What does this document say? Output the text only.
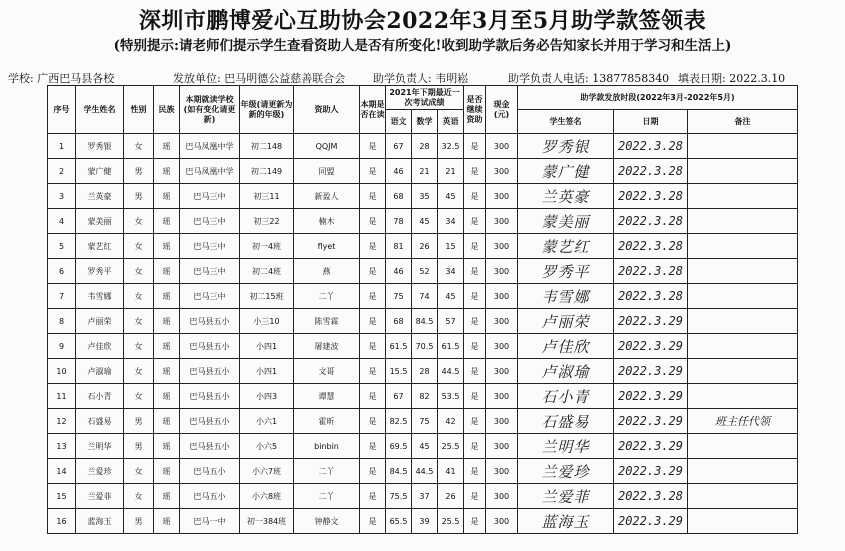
深圳市鹏博爱心互助协会2022年3月至5月助学款签领表
(特别提示:请老师们提示学生查看资助人是否有所变化!收到助学款后务必告知家长并用于学习和生活上)
学校: 广西巴马县各校	发放单位: 巴马明德公益慈善联合会	助学负责人: 韦明崧	助学负责人电话: 13877858340 填表日期: 2022.3.10
序号	学生姓名	性别	民族	本期就读学校(如有变化请更新)	年级(请更新为新的年级)	资助人	本期是否在读	2021年下期最近一次考试成绩			是否继续资助	现金(元)	助学款发放时段(2022年3月-2022年5月)		
								语文	数学	英语			学生签名	日期	备注
1	罗秀银	女	瑶	巴马凤凰中学	初二148	QQJM	是	67	28	32.5	是	300	罗秀银	2022.3.28	
2	蒙广健	男	瑶	巴马凤凰中学	初二149	同盟	是	46	21	21	是	300	蒙广健	2022.3.28	
3	兰英豪	男	瑶	巴马三中	初三11	新盈人	是	68	35	45	是	300	兰英豪	2022.3.28	
4	蒙美丽	女	瑶	巴马三中	初三22	楠木	是	78	45	34	是	300	蒙美丽	2022.3.28	
5	蒙艺红	女	瑶	巴马三中	初一4班	flyet	是	81	26	15	是	300	蒙艺红	2022.3.28	
6	罗秀平	女	瑶	巴马三中	初二4班	燕	是	46	52	34	是	300	罗秀平	2022.3.28	
7	韦雪娜	女	瑶	巴马三中	初二15班	二丫	是	75	74	45	是	300	韦雪娜	2022.3.28	
8	卢丽荣	女	瑶	巴马县五小	小三10	陈雪霖	是	68	84.5	57	是	300	卢丽荣	2022.3.29	
9	卢佳欣	女	瑶	巴马县五小	小四1	屠建波	是	61.5	70.5	61.5	是	300	卢佳欣	2022.3.29	
10	卢淑瑜	女	瑶	巴马县五小	小四1	文哥	是	15.5	28	44.5	是	300	卢淑瑜	2022.3.29	
11	石小青	女	瑶	巴马县五小	小四3	谭慧	是	67	82	53.5	是	300	石小青	2022.3.29	
12	石盛易	男	瑶	巴马县五小	小六1	霍昕	是	82.5	75	42	是	300	石盛易	2022.3.29	班主任代领
13	兰明华	男	瑶	巴马县五小	小六5	binbin	是	69.5	45	25.5	是	300	兰明华	2022.3.29	
14	兰爱珍	女	瑶	巴马五小	小六7班	二丫	是	84.5	44.5	41	是	300	兰爱珍	2022.3.29	
15	兰爱菲	女	瑶	巴马五小	小六8班	二丫	是	75.5	37	26	是	300	兰爱菲	2022.3.28	
16	蓝海玉	男	瑶	巴马一中	初一384班	钟静文	是	65.5	39	25.5	是	300	蓝海玉	2022.3.29	
